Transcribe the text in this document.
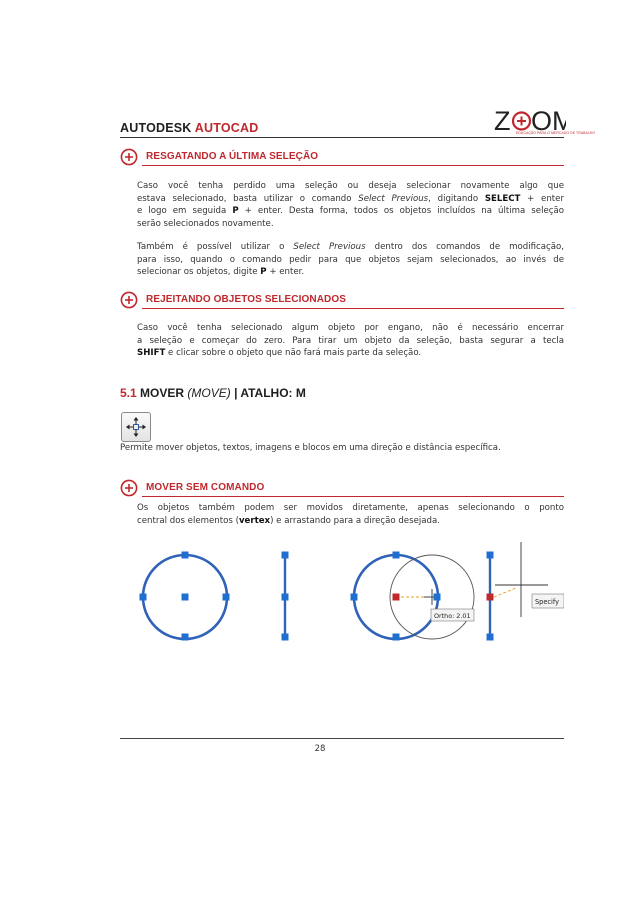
AUTODESK AUTOCAD	Z OM
EDUCAÇÃO PARA O MERCADO DE TRABALHO
RESGATANDO A ÚLTIMA SELEÇÃO
Caso você tenha perdido uma seleção ou deseja selecionar novamente algo que
estava selecionado, basta utilizar o comando Select Previous, digitando SELECT + enter
e logo em seguida P + enter. Desta forma, todos os objetos incluídos na última seleção
serão selecionados novamente.
Também é possível utilizar o Select Previous dentro dos comandos de modificação,
para isso, quando o comando pedir para que objetos sejam selecionados, ao invés de
selecionar os objetos, digite P + enter.
REJEITANDO OBJETOS SELECIONADOS
Caso você tenha selecionado algum objeto por engano, não é necessário encerrar
a seleção e começar do zero. Para tirar um objeto da seleção, basta segurar a tecla
SHIFT e clicar sobre o objeto que não fará mais parte da seleção.
5.1 MOVER (MOVE) | ATALHO: M
Permite mover objetos, textos, imagens e blocos em uma direção e distância específica.
MOVER SEM COMANDO
Os objetos também podem ser movidos diretamente, apenas selecionando o ponto
central dos elementos (vertex) e arrastando para a direção desejada.
Ortho: 2.01
Specify
28
